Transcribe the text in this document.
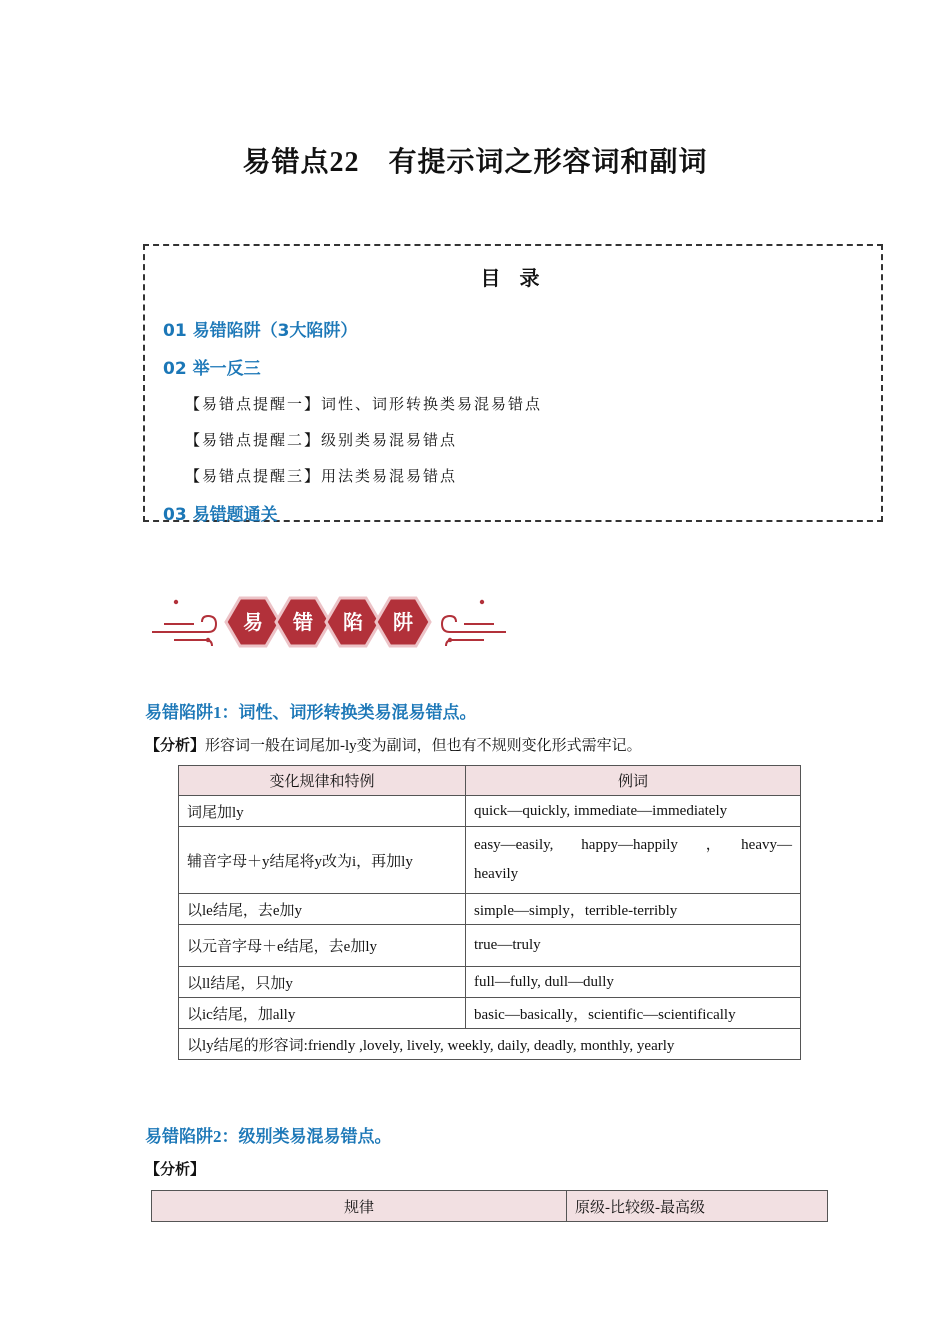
易错点22　有提示词之形容词和副词
目 录
01 易错陷阱（3大陷阱）
02 举一反三
【易错点提醒一】词性、词形转换类易混易错点
【易错点提醒二】级别类易混易错点
【易错点提醒三】用法类易混易错点
03 易错题通关
易 错 陷 阱
易错陷阱1：词性、词形转换类易混易错点。
【分析】形容词一般在词尾加-ly变为副词，但也有不规则变化形式需牢记。
变化规律和特例	例词
词尾加ly	quick—quickly, immediate—immediately
辅音字母＋y结尾将y改为i，再加ly	easy—easily,　happy—happily　，　heavy—heavily
以le结尾，去e加y	simple—simply，terrible-terribly
以元音字母＋e结尾，去e加ly	true—truly
以ll结尾，只加y	full—fully, dull—dully
以ic结尾，加ally	basic—basically，scientific—scientifically
以ly结尾的形容词:friendly ,lovely, lively, weekly, daily, deadly, monthly, yearly	
易错陷阱2：级别类易混易错点。
【分析】
规律	原级-比较级-最高级
